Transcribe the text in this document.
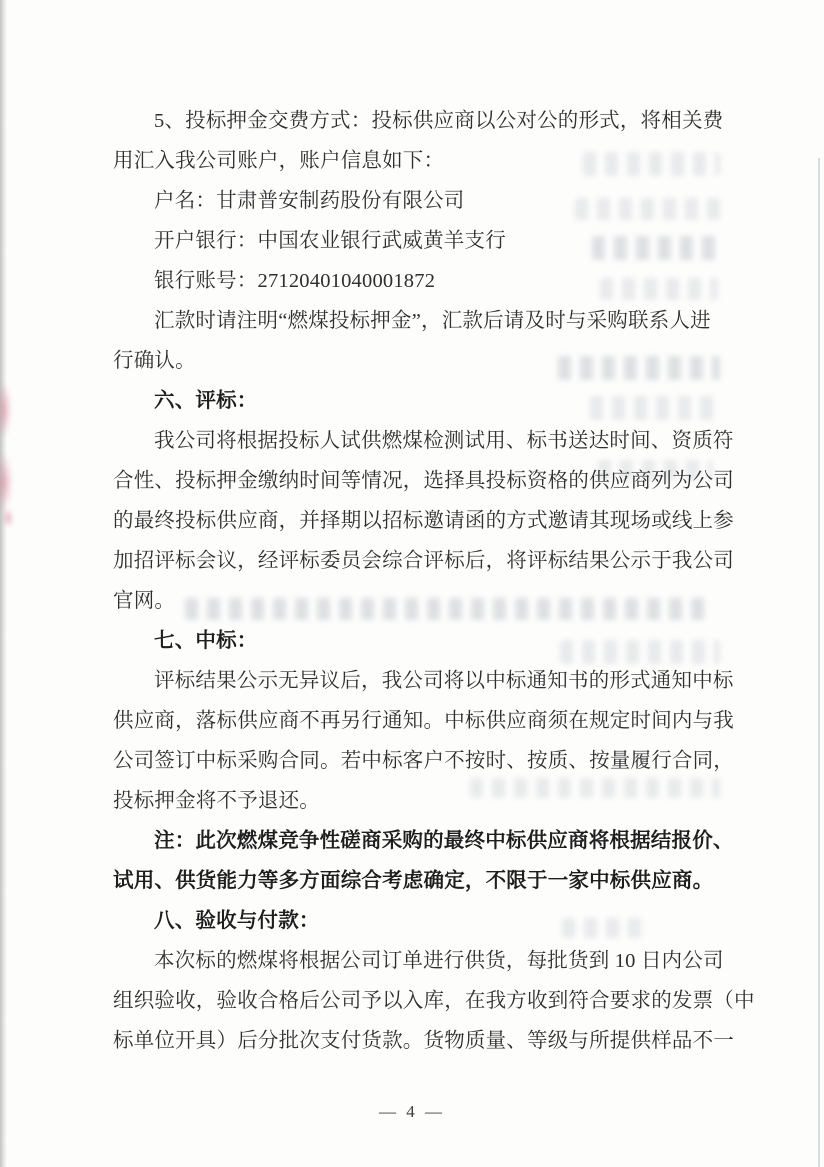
5、投标押金交费方式：投标供应商以公对公的形式，将相关费
用汇入我公司账户，账户信息如下：
户名：甘肃普安制药股份有限公司
开户银行：中国农业银行武威黄羊支行
银行账号：27120401040001872
汇款时请注明“燃煤投标押金”，汇款后请及时与采购联系人进
行确认。
六、评标：
我公司将根据投标人试供燃煤检测试用、标书送达时间、资质符
合性、投标押金缴纳时间等情况，选择具投标资格的供应商列为公司
的最终投标供应商，并择期以招标邀请函的方式邀请其现场或线上参
加招评标会议，经评标委员会综合评标后，将评标结果公示于我公司
官网。
七、中标：
评标结果公示无异议后，我公司将以中标通知书的形式通知中标
供应商，落标供应商不再另行通知。中标供应商须在规定时间内与我
公司签订中标采购合同。若中标客户不按时、按质、按量履行合同，
投标押金将不予退还。
注：此次燃煤竞争性磋商采购的最终中标供应商将根据结报价、
试用、供货能力等多方面综合考虑确定，不限于一家中标供应商。
八、验收与付款：
本次标的燃煤将根据公司订单进行供货，每批货到 10 日内公司
组织验收，验收合格后公司予以入库，在我方收到符合要求的发票（中
标单位开具）后分批次支付货款。货物质量、等级与所提供样品不一
— 4 —
